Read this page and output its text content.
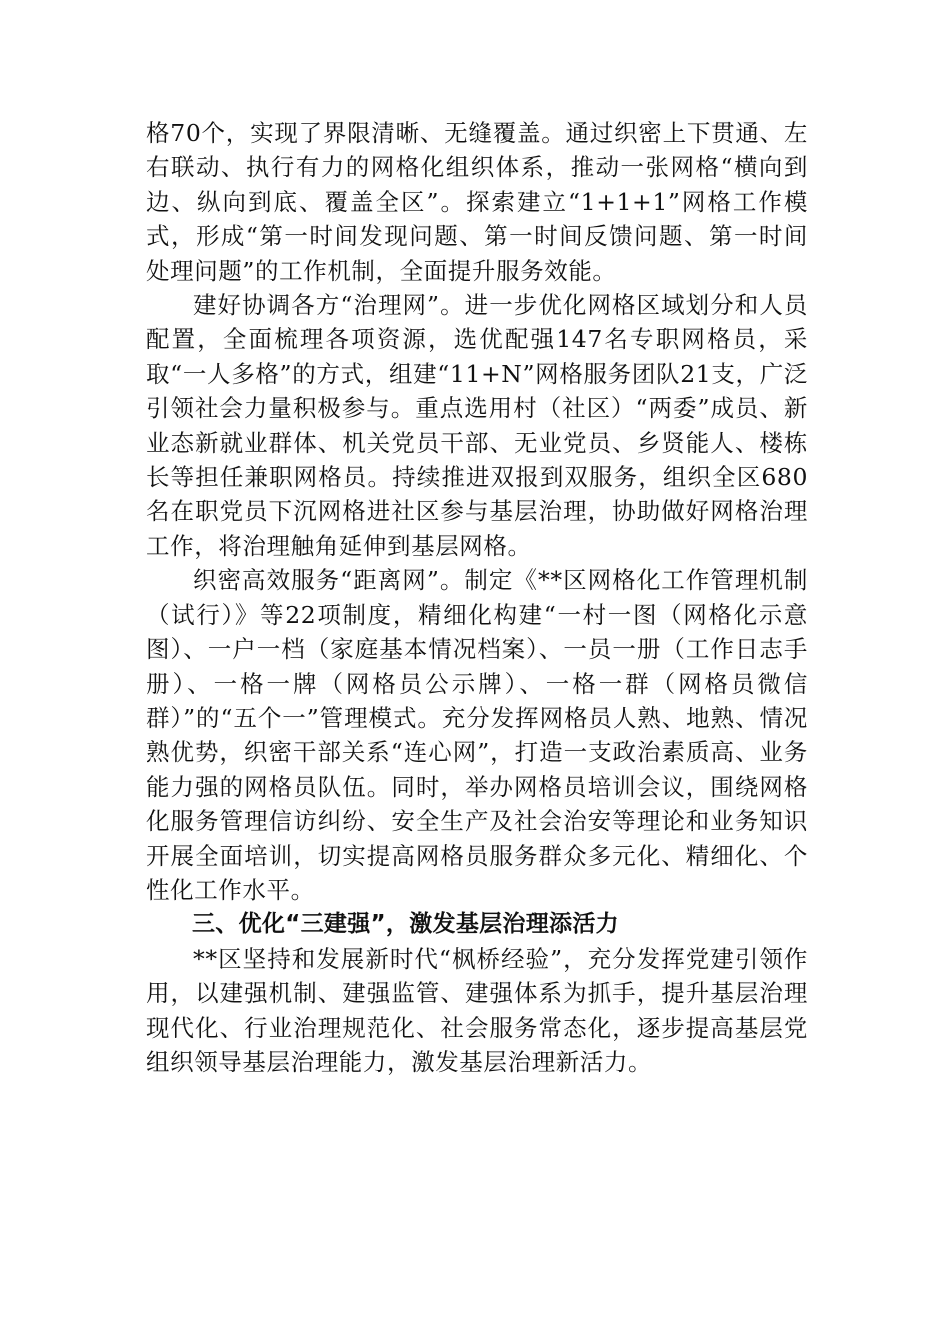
格70个，实现了界限清晰、无缝覆盖。通过织密上下贯通、左右联动、执行有力的网格化组织体系，推动一张网格“横向到边、纵向到底、覆盖全区”。探索建立“1+1+1”网格工作模式，形成“第一时间发现问题、第一时间反馈问题、第一时间处理问题”的工作机制，全面提升服务效能。

建好协调各方“治理网”。进一步优化网格区域划分和人员配置，全面梳理各项资源，选优配强147名专职网格员，采取“一人多格”的方式，组建“11+N”网格服务团队21支，广泛引领社会力量积极参与。重点选用村（社区）“两委”成员、新业态新就业群体、机关党员干部、无业党员、乡贤能人、楼栋长等担任兼职网格员。持续推进双报到双服务，组织全区680名在职党员下沉网格进社区参与基层治理，协助做好网格治理工作，将治理触角延伸到基层网格。

织密高效服务“距离网”。制定《**区网格化工作管理机制（试行）》等22项制度，精细化构建“一村一图（网格化示意图）、一户一档（家庭基本情况档案）、一员一册（工作日志手册）、一格一牌（网格员公示牌）、一格一群（网格员微信群）”的“五个一”管理模式。充分发挥网格员人熟、地熟、情况熟优势，织密干部关系“连心网”，打造一支政治素质高、业务能力强的网格员队伍。同时，举办网格员培训会议，围绕网格化服务管理信访纠纷、安全生产及社会治安等理论和业务知识开展全面培训，切实提高网格员服务群众多元化、精细化、个性化工作水平。

三、优化“三建强”，激发基层治理添活力

**区坚持和发展新时代“枫桥经验”，充分发挥党建引领作用，以建强机制、建强监管、建强体系为抓手，提升基层治理现代化、行业治理规范化、社会服务常态化，逐步提高基层党组织领导基层治理能力，激发基层治理新活力。
